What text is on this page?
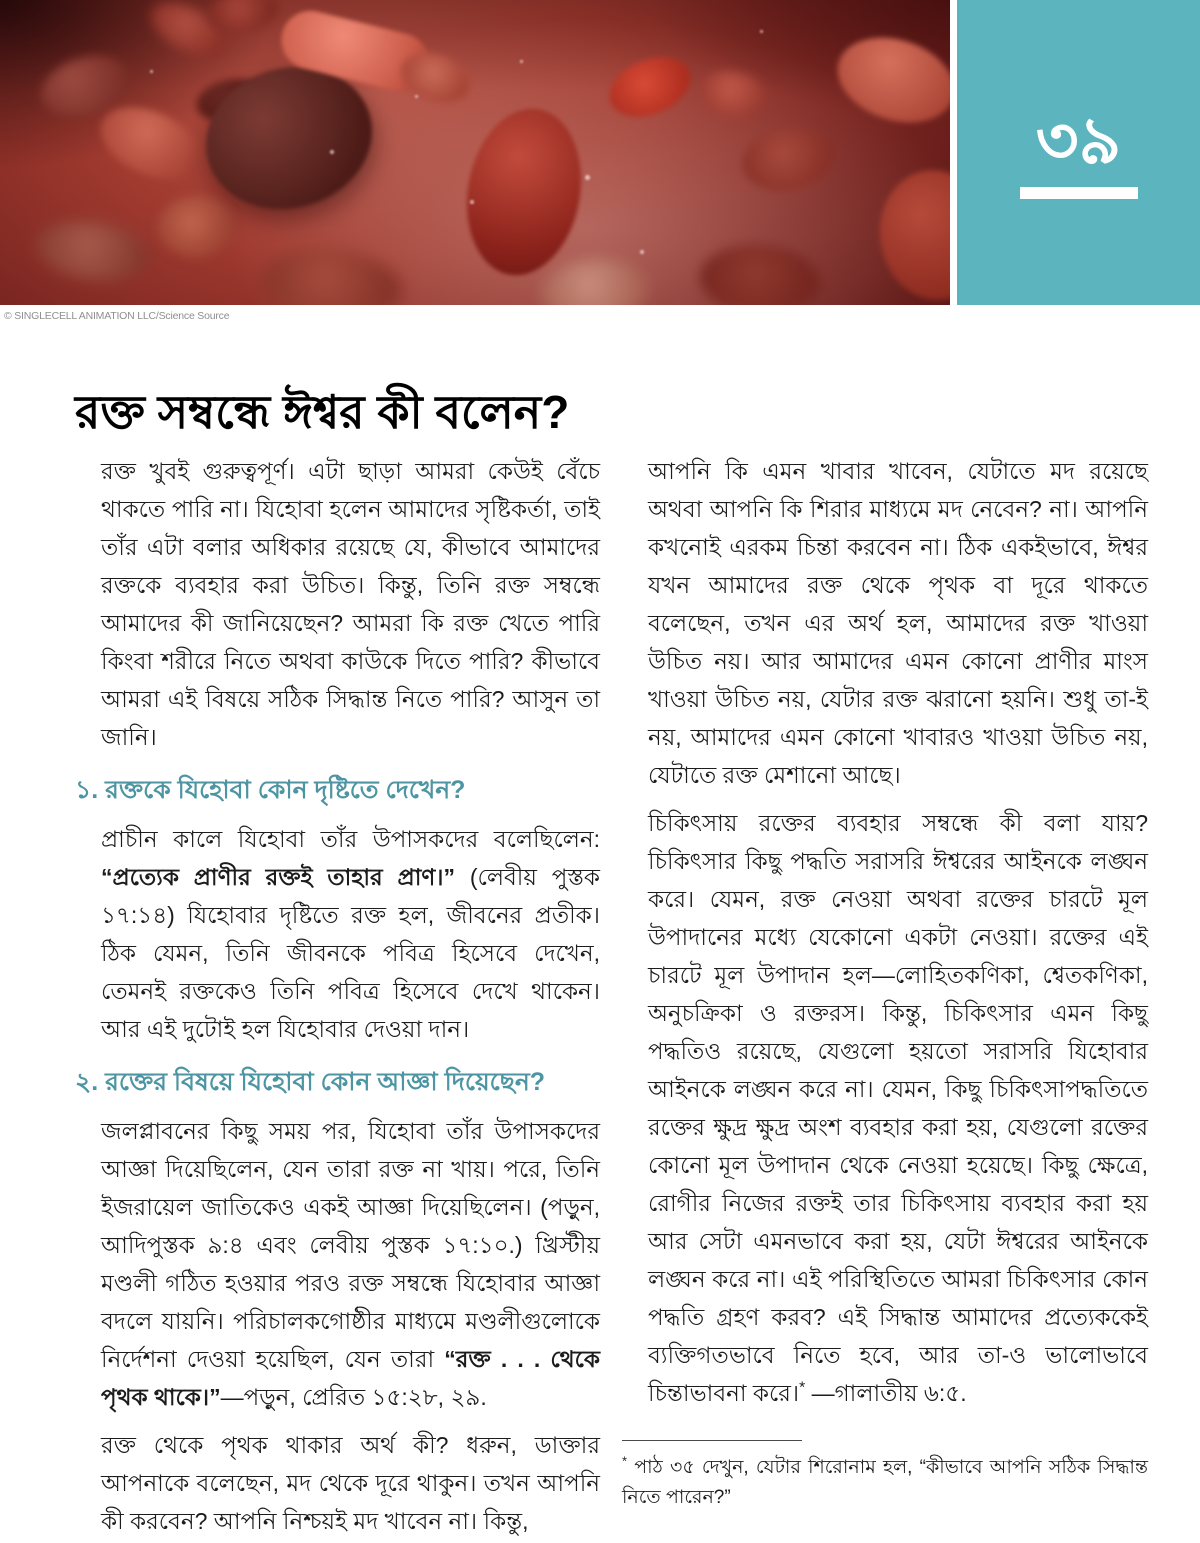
৩৯
© SINGLECELL ANIMATION LLC/Science Source
রক্ত সম্বন্ধে ঈশ্বর কী বলেন?

রক্ত খুবই গুরুত্বপূর্ণ। এটা ছাড়া আমরা কেউই বেঁচে থাকতে পারি না। যিহোবা হলেন আমাদের সৃষ্টিকর্তা, তাই তাঁর এটা বলার অধিকার রয়েছে যে, কীভাবে আমাদের রক্তকে ব্যবহার করা উচিত। কিন্তু, তিনি রক্ত সম্বন্ধে আমাদের কী জানিয়েছেন? আমরা কি রক্ত খেতে পারি কিংবা শরীরে নিতে অথবা কাউকে দিতে পারি? কীভাবে আমরা এই বিষয়ে সঠিক সিদ্ধান্ত নিতে পারি? আসুন তা জানি।

১. রক্তকে যিহোবা কোন দৃষ্টিতে দেখেন?

প্রাচীন কালে যিহোবা তাঁর উপাসকদের বলেছিলেন: “প্রত্যেক প্রাণীর রক্তই তাহার প্রাণ।” (লেবীয় পুস্তক ১৭:১৪) যিহোবার দৃষ্টিতে রক্ত হল, জীবনের প্রতীক। ঠিক যেমন, তিনি জীবনকে পবিত্র হিসেবে দেখেন, তেমনই রক্তকেও তিনি পবিত্র হিসেবে দেখে থাকেন। আর এই দুটোই হল যিহোবার দেওয়া দান।

২. রক্তের বিষয়ে যিহোবা কোন আজ্ঞা দিয়েছেন?

জলপ্লাবনের কিছু সময় পর, যিহোবা তাঁর উপাসকদের আজ্ঞা দিয়েছিলেন, যেন তারা রক্ত না খায়। পরে, তিনি ইজরায়েল জাতিকেও একই আজ্ঞা দিয়েছিলেন। (পড়ুন, আদিপুস্তক ৯:৪ এবং লেবীয় পুস্তক ১৭:১০.) খ্রিস্টীয় মণ্ডলী গঠিত হওয়ার পরও রক্ত সম্বন্ধে যিহোবার আজ্ঞা বদলে যায়নি। পরিচালকগোষ্ঠীর মাধ্যমে মণ্ডলীগুলোকে নির্দেশনা দেওয়া হয়েছিল, যেন তারা “রক্ত . . . থেকে পৃথক থাকে।”—পড়ুন, প্রেরিত ১৫:২৮, ২৯.

রক্ত থেকে পৃথক থাকার অর্থ কী? ধরুন, ডাক্তার আপনাকে বলেছেন, মদ থেকে দূরে থাকুন। তখন আপনি কী করবেন? আপনি নিশ্চয়ই মদ খাবেন না। কিন্তু,

আপনি কি এমন খাবার খাবেন, যেটাতে মদ রয়েছে অথবা আপনি কি শিরার মাধ্যমে মদ নেবেন? না। আপনি কখনোই এরকম চিন্তা করবেন না। ঠিক একইভাবে, ঈশ্বর যখন আমাদের রক্ত থেকে পৃথক বা দূরে থাকতে বলেছেন, তখন এর অর্থ হল, আমাদের রক্ত খাওয়া উচিত নয়। আর আমাদের এমন কোনো প্রাণীর মাংস খাওয়া উচিত নয়, যেটার রক্ত ঝরানো হয়নি। শুধু তা-ই নয়, আমাদের এমন কোনো খাবারও খাওয়া উচিত নয়, যেটাতে রক্ত মেশানো আছে।

চিকিৎসায় রক্তের ব্যবহার সম্বন্ধে কী বলা যায়? চিকিৎসার কিছু পদ্ধতি সরাসরি ঈশ্বরের আইনকে লঙ্ঘন করে। যেমন, রক্ত নেওয়া অথবা রক্তের চারটে মূল উপাদানের মধ্যে যেকোনো একটা নেওয়া। রক্তের এই চারটে মূল উপাদান হল—লোহিতকণিকা, শ্বেতকণিকা, অনুচক্রিকা ও রক্তরস। কিন্তু, চিকিৎসার এমন কিছু পদ্ধতিও রয়েছে, যেগুলো হয়তো সরাসরি যিহোবার আইনকে লঙ্ঘন করে না। যেমন, কিছু চিকিৎসাপদ্ধতিতে রক্তের ক্ষুদ্র ক্ষুদ্র অংশ ব্যবহার করা হয়, যেগুলো রক্তের কোনো মূল উপাদান থেকে নেওয়া হয়েছে। কিছু ক্ষেত্রে, রোগীর নিজের রক্তই তার চিকিৎসায় ব্যবহার করা হয় আর সেটা এমনভাবে করা হয়, যেটা ঈশ্বরের আইনকে লঙ্ঘন করে না। এই পরিস্থিতিতে আমরা চিকিৎসার কোন পদ্ধতি গ্রহণ করব? এই সিদ্ধান্ত আমাদের প্রত্যেককেই ব্যক্তিগতভাবে নিতে হবে, আর তা-ও ভালোভাবে চিন্তাভাবনা করে।* —গালাতীয় ৬:৫.

* পাঠ ৩৫ দেখুন, যেটার শিরোনাম হল, “কীভাবে আপনি সঠিক সিদ্ধান্ত নিতে পারেন?”
